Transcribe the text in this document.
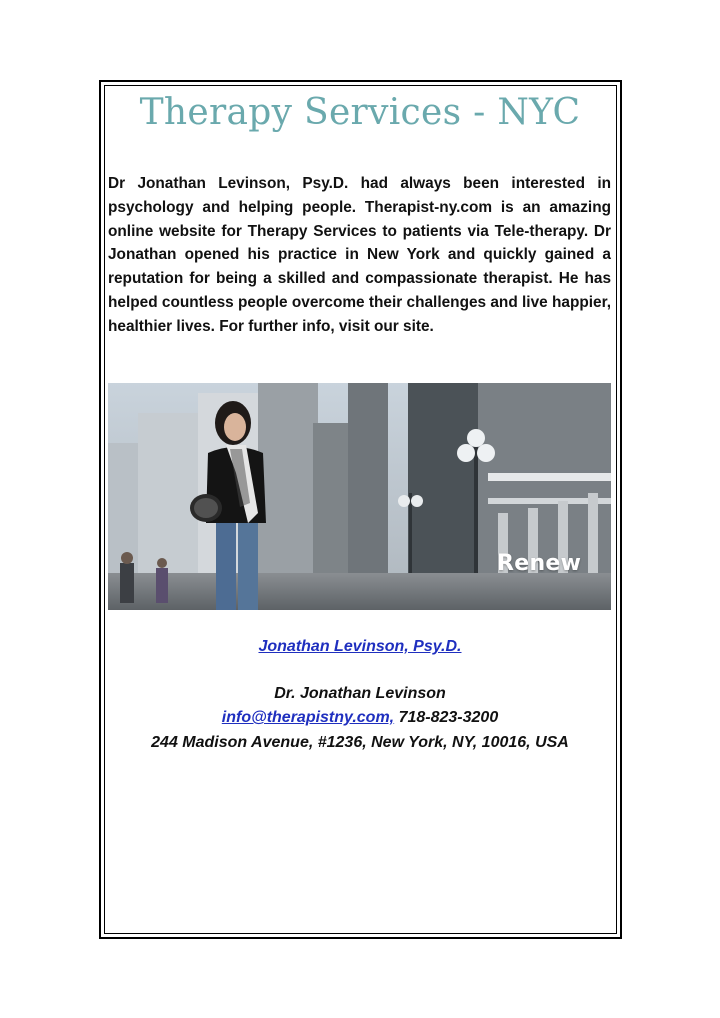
Therapy Services - NYC

Dr Jonathan Levinson, Psy.D. had always been interested in psychology and helping people. Therapist-ny.com is an amazing online website for Therapy Services to patients via Tele-therapy. Dr Jonathan opened his practice in New York and quickly gained a reputation for being a skilled and compassionate therapist. He has helped countless people overcome their challenges and live happier, healthier lives. For further info, visit our site.

Renew
Jonathan Levinson, Psy.D.
Dr. Jonathan Levinson
info@therapistny.com, 718-823-3200
244 Madison Avenue, #1236, New York, NY, 10016, USA
